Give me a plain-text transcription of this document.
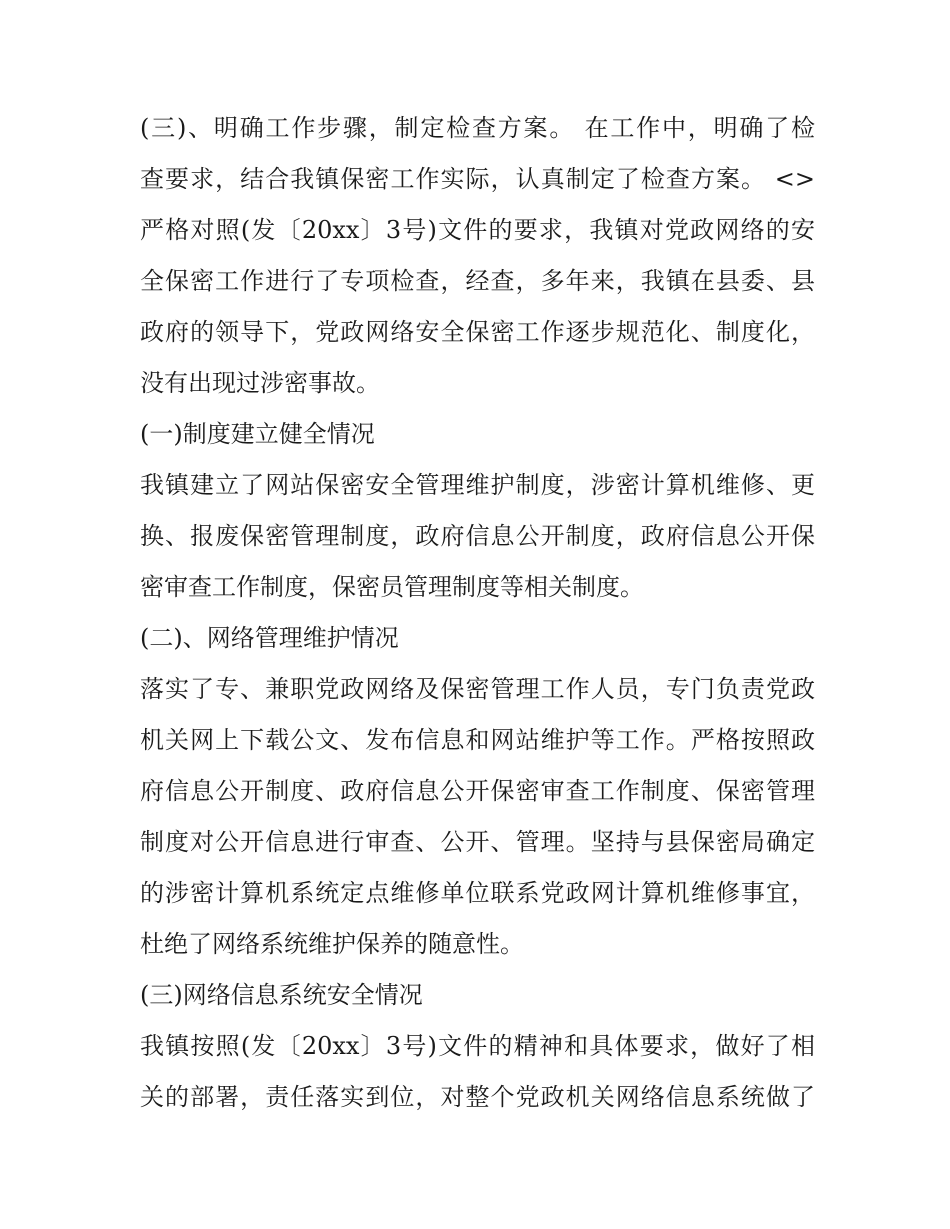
(三)、明确工作步骤，制定检查方案。 在工作中，明确了检
查要求，结合我镇保密工作实际，认真制定了检查方案。 <>
严格对照(发〔20xx〕3号)文件的要求，我镇对党政网络的安
全保密工作进行了专项检查，经查，多年来，我镇在县委、县
政府的领导下，党政网络安全保密工作逐步规范化、制度化，
没有出现过涉密事故。
(一)制度建立健全情况
我镇建立了网站保密安全管理维护制度，涉密计算机维修、更
换、报废保密管理制度，政府信息公开制度，政府信息公开保
密审查工作制度，保密员管理制度等相关制度。
(二)、网络管理维护情况
落实了专、兼职党政网络及保密管理工作人员，专门负责党政
机关网上下载公文、发布信息和网站维护等工作。严格按照政
府信息公开制度、政府信息公开保密审查工作制度、保密管理
制度对公开信息进行审查、公开、管理。坚持与县保密局确定
的涉密计算机系统定点维修单位联系党政网计算机维修事宜，
杜绝了网络系统维护保养的随意性。
(三)网络信息系统安全情况
我镇按照(发〔20xx〕3号)文件的精神和具体要求，做好了相
关的部署，责任落实到位，对整个党政机关网络信息系统做了
